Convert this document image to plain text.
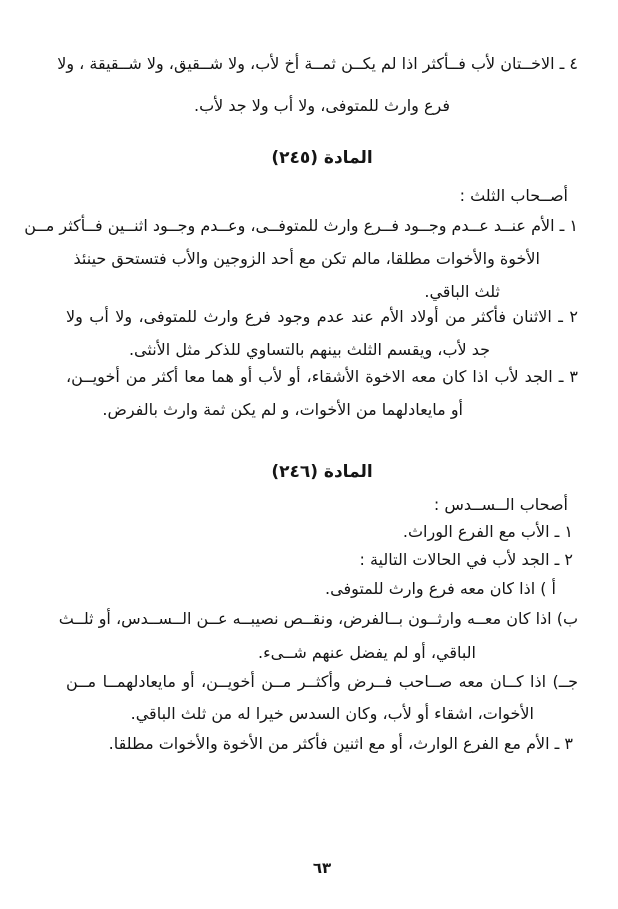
٤ ـ الاخــتان لأب فــأكثر اذا لم يكــن ثمــة أخ لأب، ولا شــقيق، ولا شــقيقة ، ولا
فرع وارث للمتوفى، ولا أب ولا جد لأب.
المادة (٢٤٥)
أصــحاب الثلث :
١ ـ الأم عنــد عــدم وجــود فــرع وارث للمتوفــى، وعــدم وجــود اثنــين فــأكثر مــن
الأخوة والأخوات مطلقا، مالم تكن مع أحد الزوجين والأب فتستحق حينئذ
ثلث الباقي.
٢ ـ الاثنان فأكثر من أولاد الأم عند عدم وجود فرع وارث للمتوفى، ولا أب ولا
جد لأب، ويقسم الثلث بينهم بالتساوي للذكر مثل الأنثى.
٣ ـ الجد لأب اذا كان معه الاخوة الأشقاء، أو لأب أو هما معا أكثر من أخويــن،
أو مايعادلهما من الأخوات، و لم يكن ثمة وارث بالفرض.
المادة (٢٤٦)
أصحاب الــســدس :
١ ـ الأب مع الفرع الوراث.
٢ ـ الجد لأب في الحالات التالية :
أ ) اذا كان معه فرع وارث للمتوفى.
ب) اذا كان معــه وارثــون بــالفرض، ونقــص نصيبــه عــن الــســدس، أو ثلــث
الباقي، أو لم يفضل عنهم شــىء.
جــ) اذا كــان معه صــاحب فــرض وأكثــر مــن أخويــن، أو مايعادلهمــا مــن
الأخوات، اشقاء أو لأب، وكان السدس خيرا له من ثلث الباقي.
٣ ـ الأم مع الفرع الوارث، أو مع اثنين فأكثر من الأخوة والأخوات مطلقا.
٦٣
